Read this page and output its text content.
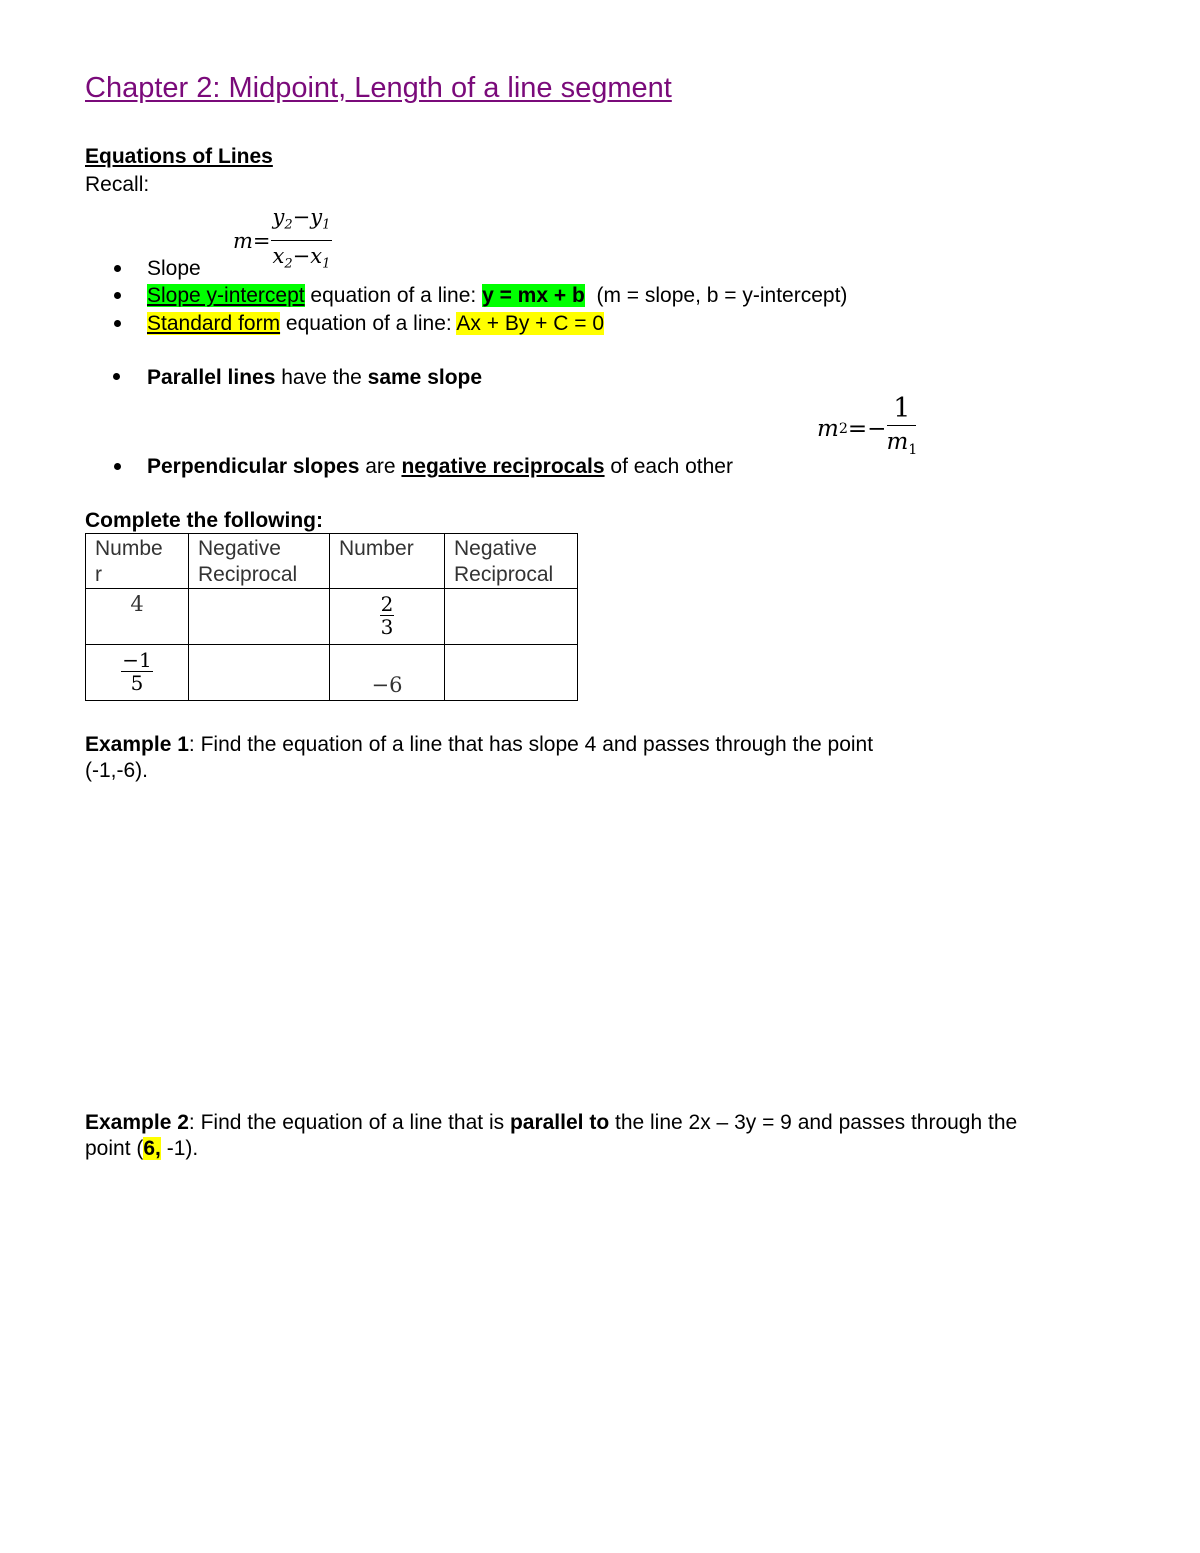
Chapter 2: Midpoint, Length of a line segment
Equations of Lines
Recall:
$m= \frac{y_2-y_1}{x_2-x_1}$
Slope
Slope y-intercept equation of a line: y = mx + b  (m = slope, b = y-intercept)
Standard form equation of a line: Ax + By + C = 0
Parallel lines have the same slope
m $2 =- \frac{1}{m_1}$
Perpendicular slopes are negative reciprocals of each other
Complete the following:
Numbe r	Negative Reciprocal	Number	Negative Reciprocal
4		$\frac{2}{3}$

$\frac{-1}{5}$		−6	
Example 1: Find the equation of a line that has slope 4 and passes through the point
(-1,-6).
Example 2: Find the equation of a line that is parallel to the line 2x – 3y = 9 and passes through the
point (6, -1).
